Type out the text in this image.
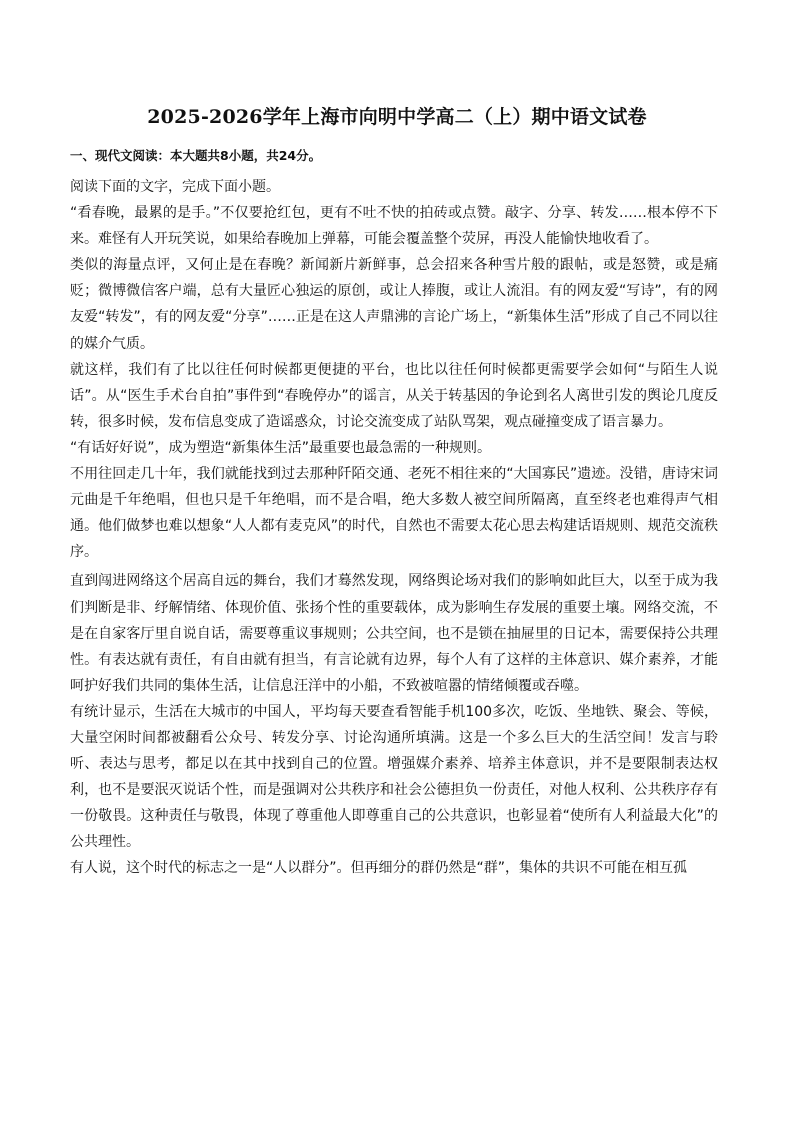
2025-2026学年上海市向明中学高二（上）期中语文试卷
一、现代文阅读：本大题共8小题，共24分。

阅读下面的文字，完成下面小题。

“看春晚，最累的是手。”不仅要抢红包，更有不吐不快的拍砖或点赞。敲字、分享、转发……根本停不下来。难怪有人开玩笑说，如果给春晚加上弹幕，可能会覆盖整个荧屏，再没人能愉快地收看了。

类似的海量点评，又何止是在春晚？新闻新片新鲜事，总会招来各种雪片般的跟帖，或是怒赞，或是痛贬；微博微信客户端，总有大量匠心独运的原创，或让人捧腹，或让人流泪。有的网友爱“写诗”，有的网友爱“转发”，有的网友爱“分享”……正是在这人声鼎沸的言论广场上，“新集体生活”形成了自己不同以往的媒介气质。

就这样，我们有了比以往任何时候都更便捷的平台，也比以往任何时候都更需要学会如何“与陌生人说话”。从“医生手术台自拍”事件到“春晚停办”的谣言，从关于转基因的争论到名人离世引发的舆论几度反转，很多时候，发布信息变成了造谣惑众，讨论交流变成了站队骂架，观点碰撞变成了语言暴力。

“有话好好说”，成为塑造“新集体生活”最重要也最急需的一种规则。

不用往回走几十年，我们就能找到过去那种阡陌交通、老死不相往来的“大国寡民”遗迹。没错，唐诗宋词元曲是千年绝唱，但也只是千年绝唱，而不是合唱，绝大多数人被空间所隔离，直至终老也难得声气相通。他们做梦也难以想象“人人都有麦克风”的时代，自然也不需要太花心思去构建话语规则、规范交流秩序。

直到闯进网络这个居高自远的舞台，我们才蓦然发现，网络舆论场对我们的影响如此巨大，以至于成为我们判断是非、纾解情绪、体现价值、张扬个性的重要载体，成为影响生存发展的重要土壤。网络交流，不是在自家客厅里自说自话，需要尊重议事规则；公共空间，也不是锁在抽屉里的日记本，需要保持公共理性。有表达就有责任，有自由就有担当，有言论就有边界，每个人有了这样的主体意识、媒介素养，才能呵护好我们共同的集体生活，让信息汪洋中的小船，不致被喧嚣的情绪倾覆或吞噬。

有统计显示，生活在大城市的中国人，平均每天要查看智能手机100多次，吃饭、坐地铁、聚会、等候，大量空闲时间都被翻看公众号、转发分享、讨论沟通所填满。这是一个多么巨大的生活空间！发言与聆听、表达与思考，都足以在其中找到自己的位置。增强媒介素养、培养主体意识，并不是要限制表达权利，也不是要泯灭说话个性，而是强调对公共秩序和社会公德担负一份责任，对他人权利、公共秩序存有一份敬畏。这种责任与敬畏，体现了尊重他人即尊重自己的公共意识，也彰显着“使所有人利益最大化”的公共理性。

有人说，这个时代的标志之一是“人以群分”。但再细分的群仍然是“群”，集体的共识不可能在相互孤
